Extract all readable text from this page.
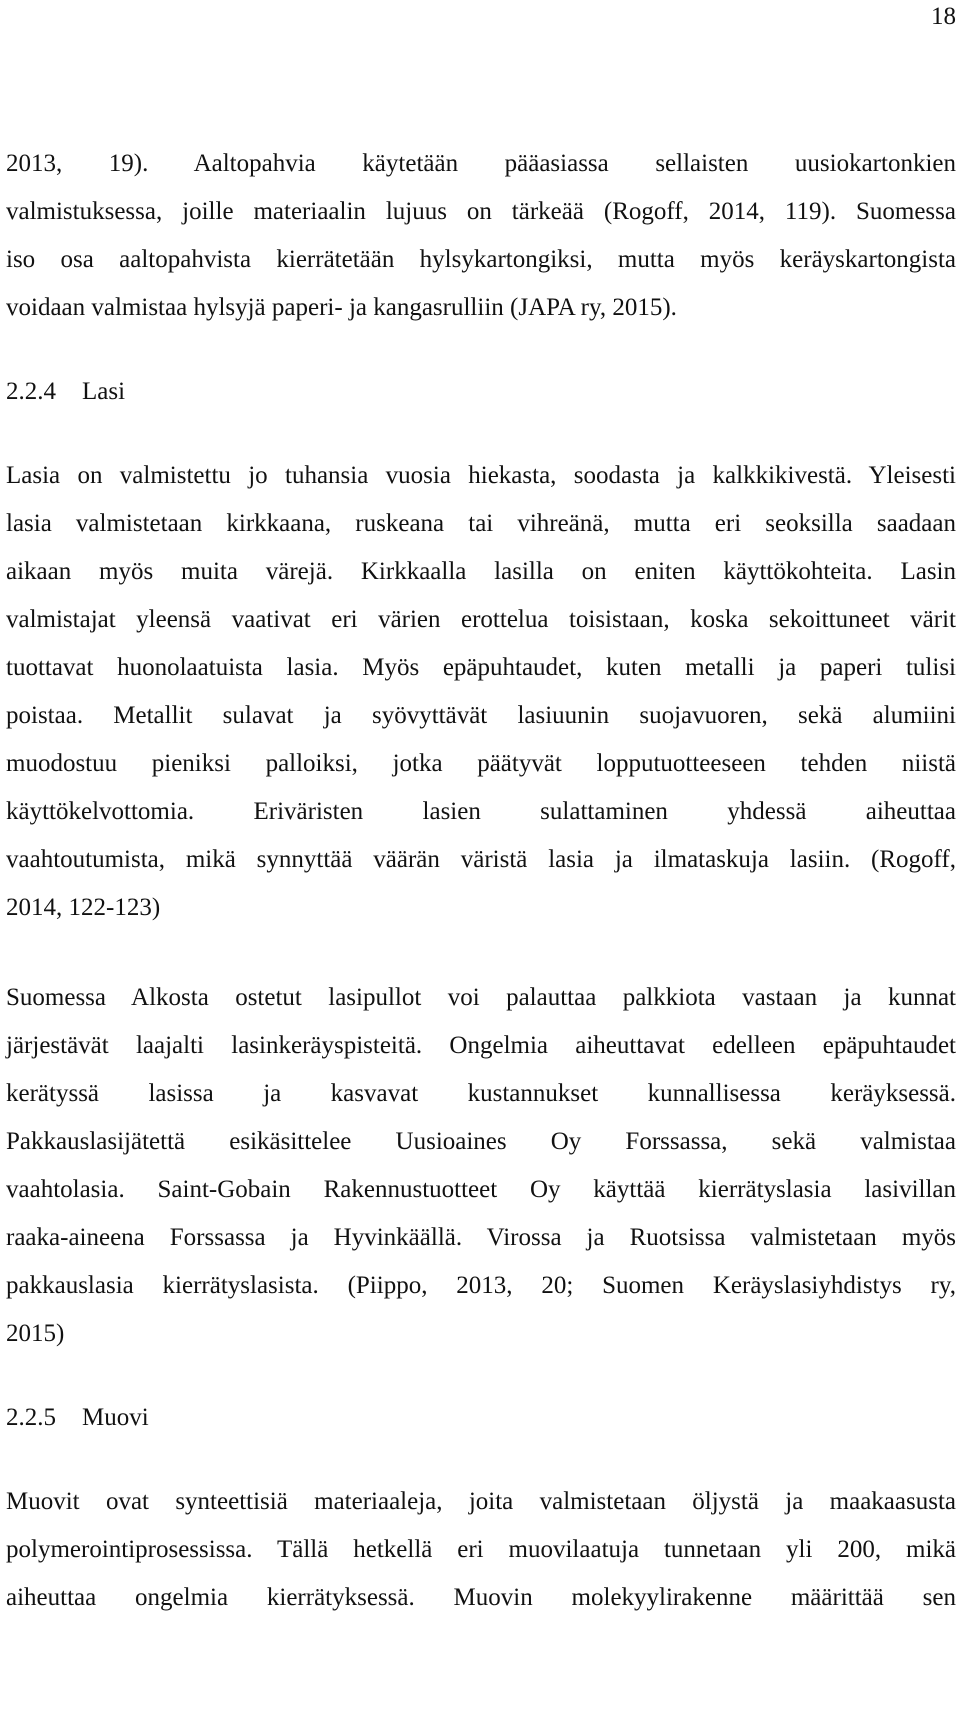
18

2013, 19). Aaltopahvia käytetään pääasiassa sellaisten uusiokartonkien
valmistuksessa, joille materiaalin lujuus on tärkeää (Rogoff, 2014, 119). Suomessa
iso osa aaltopahvista kierrätetään hylsykartongiksi, mutta myös keräyskartongista
voidaan valmistaa hylsyjä paperi- ja kangasrulliin (JAPA ry, 2015).

2.2.4 Lasi

Lasia on valmistettu jo tuhansia vuosia hiekasta, soodasta ja kalkkikivestä. Yleisesti
lasia valmistetaan kirkkaana, ruskeana tai vihreänä, mutta eri seoksilla saadaan
aikaan myös muita värejä. Kirkkaalla lasilla on eniten käyttökohteita. Lasin
valmistajat yleensä vaativat eri värien erottelua toisistaan, koska sekoittuneet värit
tuottavat huonolaatuista lasia. Myös epäpuhtaudet, kuten metalli ja paperi tulisi
poistaa. Metallit sulavat ja syövyttävät lasiuunin suojavuoren, sekä alumiini
muodostuu pieniksi palloiksi, jotka päätyvät lopputuotteeseen tehden niistä
käyttökelvottomia. Eriväristen lasien sulattaminen yhdessä aiheuttaa
vaahtoutumista, mikä synnyttää väärän väristä lasia ja ilmataskuja lasiin. (Rogoff,
2014, 122-123)

Suomessa Alkosta ostetut lasipullot voi palauttaa palkkiota vastaan ja kunnat
järjestävät laajalti lasinkeräyspisteitä. Ongelmia aiheuttavat edelleen epäpuhtaudet
kerätyssä lasissa ja kasvavat kustannukset kunnallisessa keräyksessä.
Pakkauslasijätettä esikäsittelee Uusioaines Oy Forssassa, sekä valmistaa
vaahtolasia. Saint-Gobain Rakennustuotteet Oy käyttää kierrätyslasia lasivillan
raaka-aineena Forssassa ja Hyvinkäällä. Virossa ja Ruotsissa valmistetaan myös
pakkauslasia kierrätyslasista. (Piippo, 2013, 20; Suomen Keräyslasiyhdistys ry,
2015)

2.2.5 Muovi

Muovit ovat synteettisiä materiaaleja, joita valmistetaan öljystä ja maakaasusta
polymerointiprosessissa. Tällä hetkellä eri muovilaatuja tunnetaan yli 200, mikä
aiheuttaa ongelmia kierrätyksessä. Muovin molekyylirakenne määrittää sen
